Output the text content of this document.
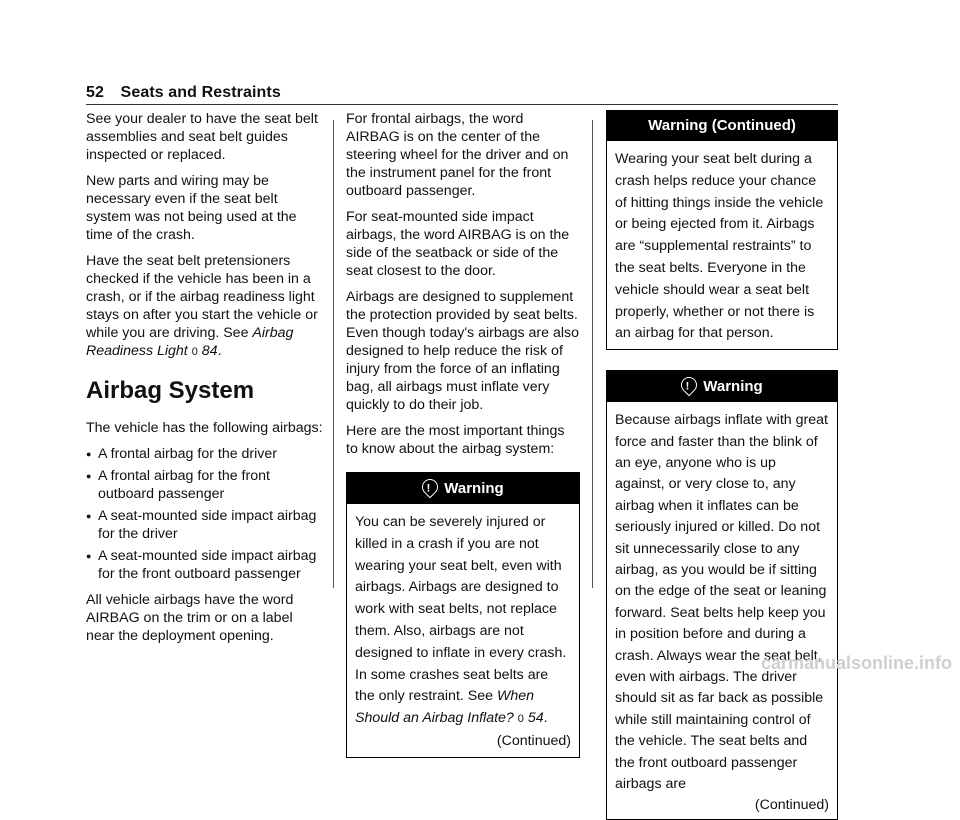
52 Seats and Restraints

See your dealer to have the seat belt assemblies and seat belt guides inspected or replaced.

New parts and wiring may be necessary even if the seat belt system was not being used at the time of the crash.

Have the seat belt pretensioners checked if the vehicle has been in a crash, or if the airbag readiness light stays on after you start the vehicle or while you are driving. See Airbag Readiness Light 0 84.

Airbag System

The vehicle has the following airbags:

● A frontal airbag for the driver
● A frontal airbag for the front outboard passenger
● A seat-mounted side impact airbag for the driver
● A seat-mounted side impact airbag for the front outboard passenger

All vehicle airbags have the word AIRBAG on the trim or on a label near the deployment opening.

For frontal airbags, the word AIRBAG is on the center of the steering wheel for the driver and on the instrument panel for the front outboard passenger.

For seat-mounted side impact airbags, the word AIRBAG is on the side of the seatback or side of the seat closest to the door.

Airbags are designed to supplement the protection provided by seat belts. Even though today's airbags are also designed to help reduce the risk of injury from the force of an inflating bag, all airbags must inflate very quickly to do their job.

Here are the most important things to know about the airbag system:

!Warning
You can be severely injured or killed in a crash if you are not wearing your seat belt, even with airbags. Airbags are designed to work with seat belts, not replace them. Also, airbags are not designed to inflate in every crash. In some crashes seat belts are the only restraint. See When Should an Airbag Inflate? 0 54.
(Continued)
Warning (Continued)
Wearing your seat belt during a crash helps reduce your chance of hitting things inside the vehicle or being ejected from it. Airbags are “supplemental restraints” to the seat belts. Everyone in the vehicle should wear a seat belt properly, whether or not there is an airbag for that person.
!Warning
Because airbags inflate with great force and faster than the blink of an eye, anyone who is up against, or very close to, any airbag when it inflates can be seriously injured or killed. Do not sit unnecessarily close to any airbag, as you would be if sitting on the edge of the seat or leaning forward. Seat belts help keep you in position before and during a crash. Always wear the seat belt, even with airbags. The driver should sit as far back as possible while still maintaining control of the vehicle. The seat belts and the front outboard passenger airbags are
(Continued)
carmanualsonline.info
